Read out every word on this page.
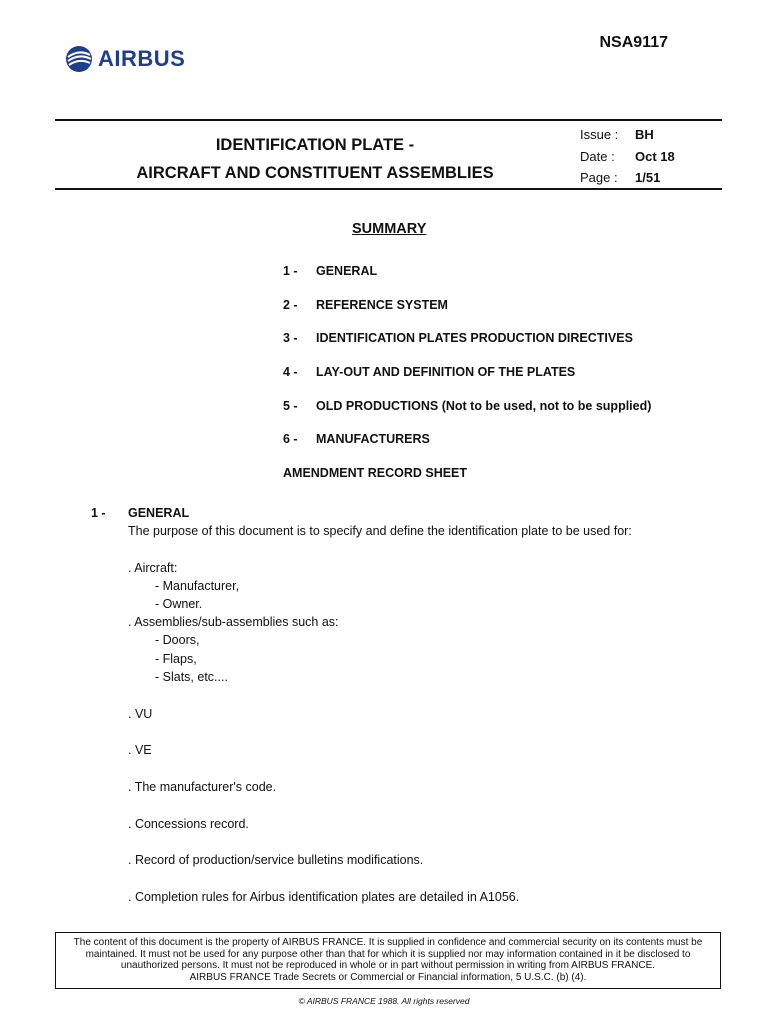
AIRBUS
NSA9117
IDENTIFICATION PLATE -
AIRCRAFT AND CONSTITUENT ASSEMBLIES
Issue : BH
Date : Oct 18
Page : 1/51
SUMMARY
1 - GENERAL
2 - REFERENCE SYSTEM
3 - IDENTIFICATION PLATES PRODUCTION DIRECTIVES
4 - LAY-OUT AND DEFINITION OF THE PLATES
5 - OLD PRODUCTIONS (Not to be used, not to be supplied)
6 - MANUFACTURERS
AMENDMENT RECORD SHEET
1 - GENERAL
The purpose of this document is to specify and define the identification plate to be used for:
. Aircraft:
- Manufacturer,
- Owner.
. Assemblies/sub-assemblies such as:
- Doors,
- Flaps,
- Slats, etc....
. VU
. VE
. The manufacturer's code.
. Concessions record.
. Record of production/service bulletins modifications.
. Completion rules for Airbus identification plates are detailed in A1056.

The content of this document is the property of AIRBUS FRANCE. It is supplied in confidence and commercial security on its contents must be

maintained. It must not be used for any purpose other than that for which it is supplied nor may information contained in it be disclosed to

unauthorized persons. It must not be reproduced in whole or in part without permission in writing from AIRBUS FRANCE.

AIRBUS FRANCE Trade Secrets or Commercial or Financial information, 5 U.S.C. (b) (4).

© AIRBUS FRANCE 1988. All rights reserved
